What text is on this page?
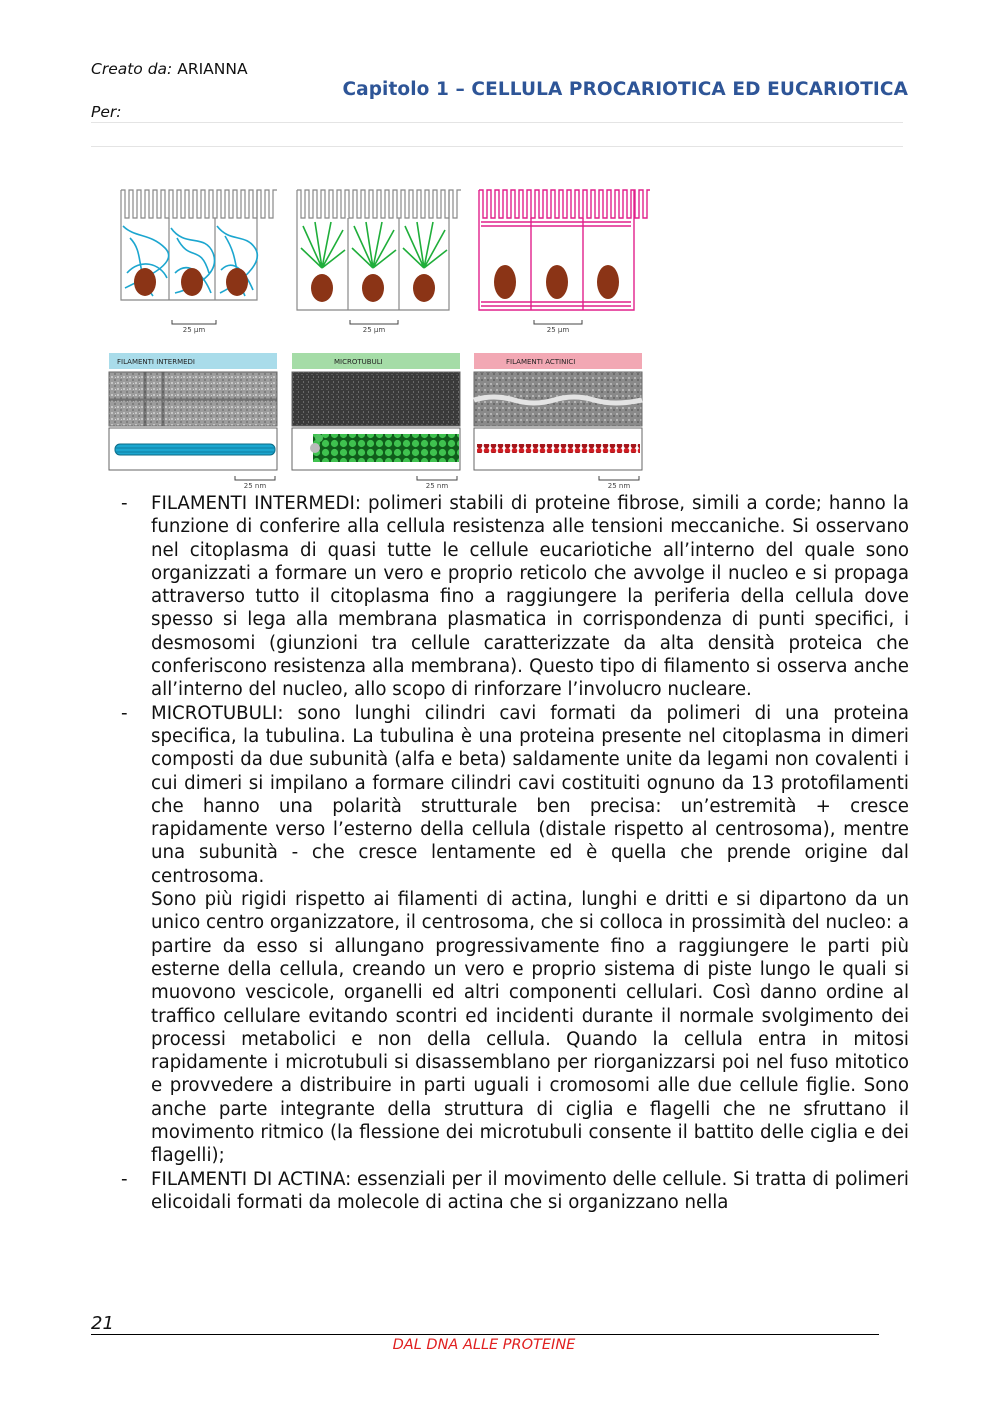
Creato da: ARIANNA
Per:
Capitolo 1 – CELLULA PROCARIOTICA ED EUCARIOTICA
25 µm	25 µm	25 µm
FILAMENTI INTERMEDI
25 nm
MICROTUBULI
25 nm
FILAMENTI ACTINICI
25 nm
-	FILAMENTI INTERMEDI: polimeri stabili di proteine fibrose, simili a corde; hanno la funzione di conferire alla cellula resistenza alle tensioni meccaniche. Si osservano nel citoplasma di quasi tutte le cellule eucariotiche all’interno del quale sono organizzati a formare un vero e proprio reticolo che avvolge il nucleo e si propaga attraverso tutto il citoplasma fino a raggiungere la periferia della cellula dove spesso si lega alla membrana plasmatica in corrispondenza di punti specifici, i desmosomi (giunzioni tra cellule caratterizzate da alta densità proteica che conferiscono resistenza alla membrana). Questo tipo di filamento si osserva anche all’interno del nucleo, allo scopo di rinforzare l’involucro nucleare.
-	MICROTUBULI: sono lunghi cilindri cavi formati da polimeri di una proteina specifica, la tubulina. La tubulina è una proteina presente nel citoplasma in dimeri composti da due subunità (alfa e beta) saldamente unite da legami non covalenti i cui dimeri si impilano a formare cilindri cavi costituiti ognuno da 13 protofilamenti che hanno una polarità strutturale ben precisa: un’estremità + cresce rapidamente verso l’esterno della cellula (distale rispetto al centrosoma), mentre una subunità - che cresce lentamente ed è quella che prende origine dal centrosoma.
Sono più rigidi rispetto ai filamenti di actina, lunghi e dritti e si dipartono da un unico centro organizzatore, il centrosoma, che si colloca in prossimità del nucleo: a partire da esso si allungano progressivamente fino a raggiungere le parti più esterne della cellula, creando un vero e proprio sistema di piste lungo le quali si muovono vescicole, organelli ed altri componenti cellulari. Così danno ordine al traffico cellulare evitando scontri ed incidenti durante il normale svolgimento dei processi metabolici e non della cellula. Quando la cellula entra in mitosi rapidamente i microtubuli si disassemblano per riorganizzarsi poi nel fuso mitotico e provvedere a distribuire in parti uguali i cromosomi alle due cellule figlie. Sono anche parte integrante della struttura di ciglia e flagelli che ne sfruttano il movimento ritmico (la flessione dei microtubuli consente il battito delle ciglia e dei flagelli);
-	FILAMENTI DI ACTINA: essenziali per il movimento delle cellule. Si tratta di polimeri elicoidali formati da molecole di actina che si organizzano nella
21
DAL DNA ALLE PROTEINE
